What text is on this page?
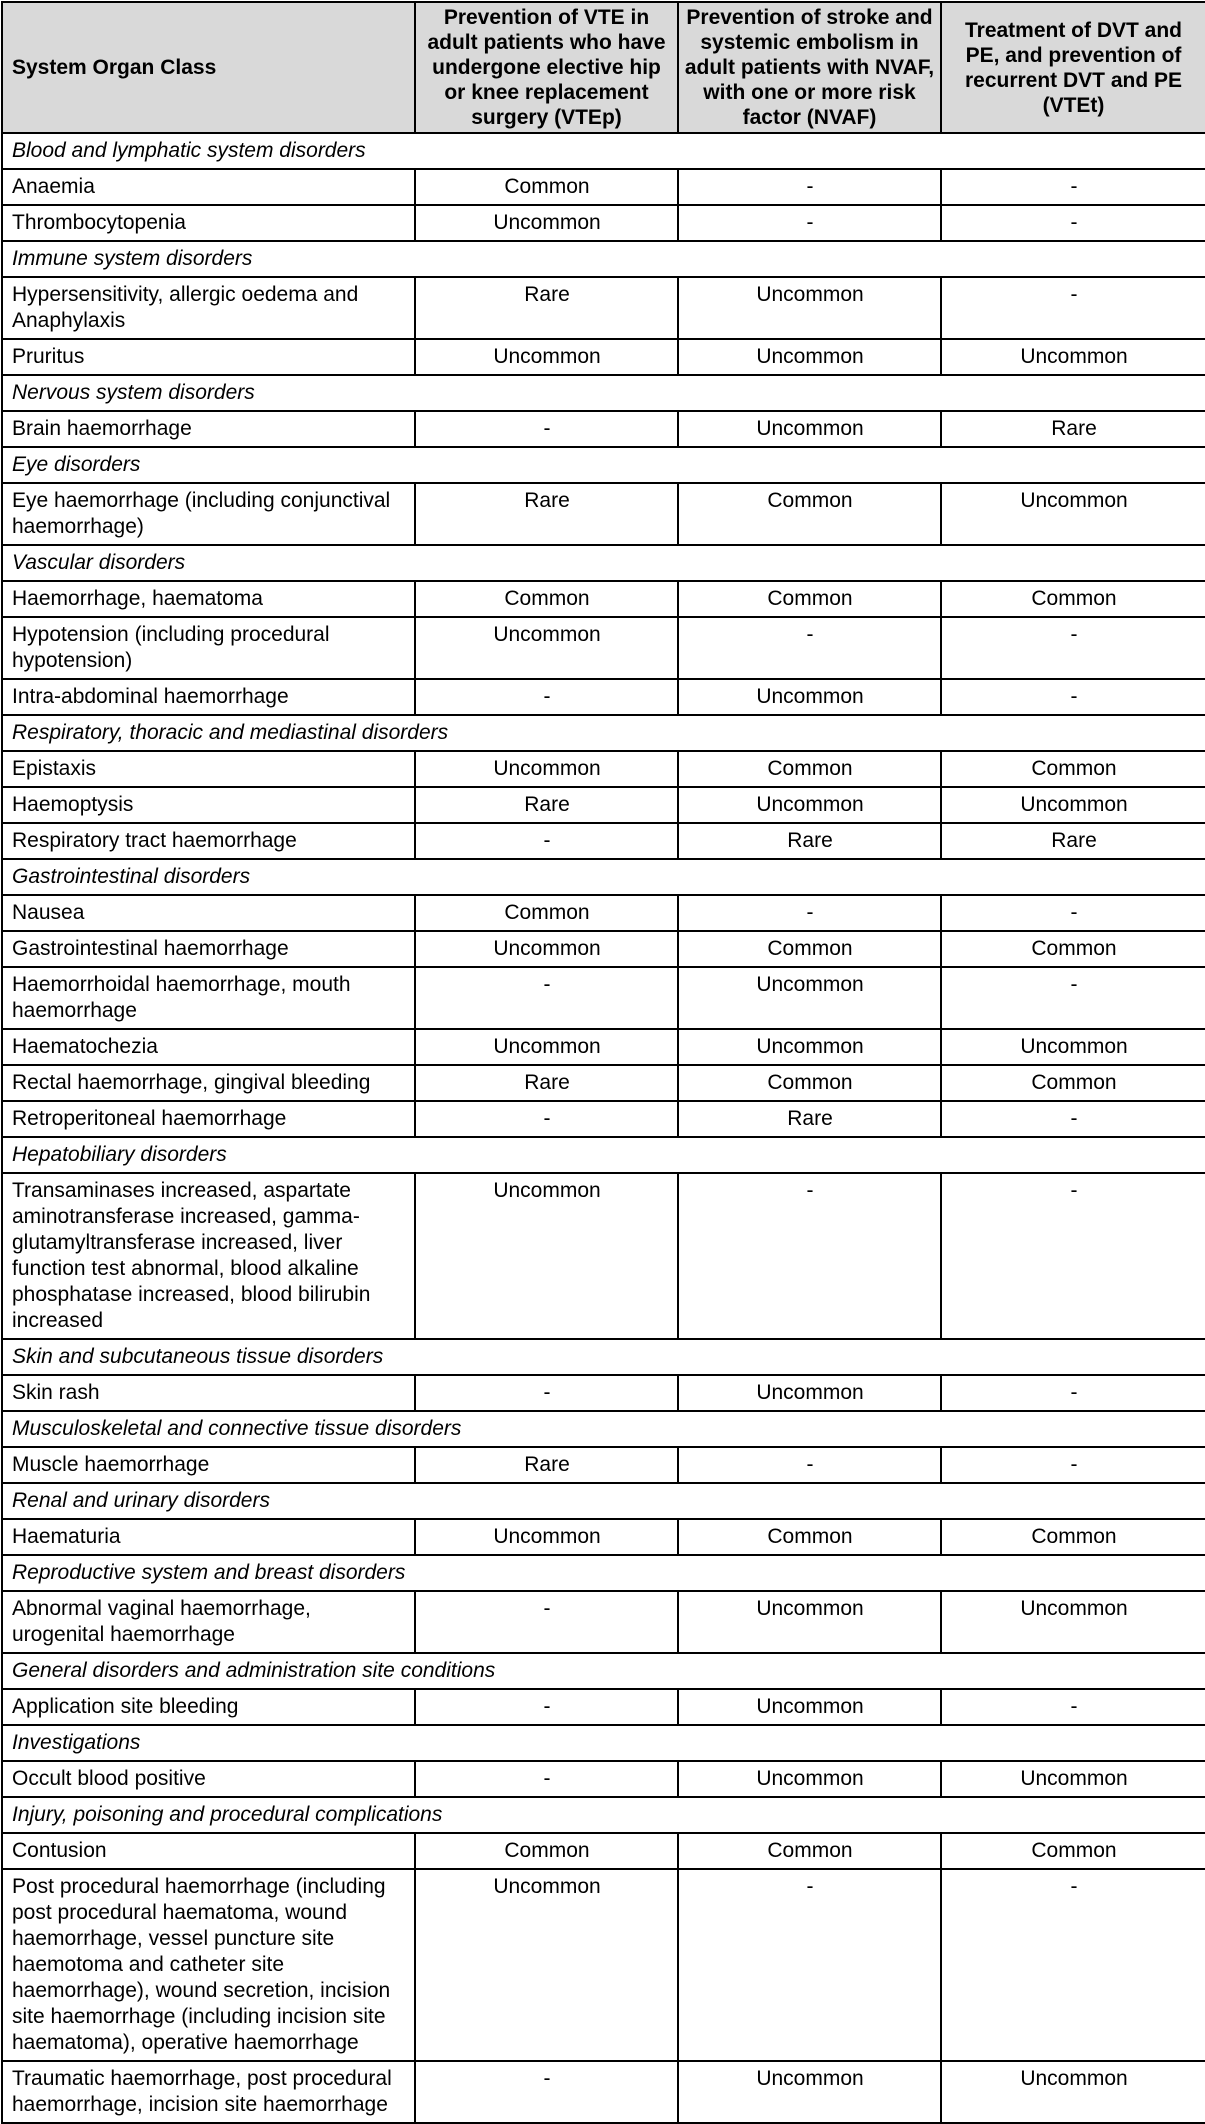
System Organ Class	Prevention of VTE in adult patients who have undergone elective hip or knee replacement surgery (VTEp)	Prevention of stroke and systemic embolism in adult patients with NVAF, with one or more risk factor (NVAF)	Treatment of DVT and PE, and prevention of recurrent DVT and PE (VTEt)
Blood and lymphatic system disorders			
Anaemia	Common	-	-
Thrombocytopenia	Uncommon	-	-
Immune system disorders			
Hypersensitivity, allergic oedema and Anaphylaxis	Rare	Uncommon	-
Pruritus	Uncommon	Uncommon	Uncommon
Nervous system disorders			
Brain haemorrhage	-	Uncommon	Rare
Eye disorders			
Eye haemorrhage (including conjunctival haemorrhage)	Rare	Common	Uncommon
Vascular disorders			
Haemorrhage, haematoma	Common	Common	Common
Hypotension (including procedural hypotension)	Uncommon	-	-
Intra-abdominal haemorrhage	-	Uncommon	-
Respiratory, thoracic and mediastinal disorders			
Epistaxis	Uncommon	Common	Common
Haemoptysis	Rare	Uncommon	Uncommon
Respiratory tract haemorrhage	-	Rare	Rare
Gastrointestinal disorders			
Nausea	Common	-	-
Gastrointestinal haemorrhage	Uncommon	Common	Common
Haemorrhoidal haemorrhage, mouth haemorrhage	-	Uncommon	-
Haematochezia	Uncommon	Uncommon	Uncommon
Rectal haemorrhage, gingival bleeding	Rare	Common	Common
Retroperitoneal haemorrhage	-	Rare	-
Hepatobiliary disorders			
Transaminases increased, aspartate aminotransferase increased, gamma-glutamyltransferase increased, liver function test abnormal, blood alkaline phosphatase increased, blood bilirubin increased	Uncommon	-	-
Skin and subcutaneous tissue disorders			
Skin rash	-	Uncommon	-
Musculoskeletal and connective tissue disorders			
Muscle haemorrhage	Rare	-	-
Renal and urinary disorders			
Haematuria	Uncommon	Common	Common
Reproductive system and breast disorders			
Abnormal vaginal haemorrhage, urogenital haemorrhage	-	Uncommon	Uncommon
General disorders and administration site conditions			
Application site bleeding	-	Uncommon	-
Investigations			
Occult blood positive	-	Uncommon	Uncommon
Injury, poisoning and procedural complications			
Contusion	Common	Common	Common
Post procedural haemorrhage (including post procedural haematoma, wound haemorrhage, vessel puncture site haemotoma and catheter site haemorrhage), wound secretion, incision site haemorrhage (including incision site haematoma), operative haemorrhage	Uncommon	-	-
Traumatic haemorrhage, post procedural haemorrhage, incision site haemorrhage	-	Uncommon	Uncommon
